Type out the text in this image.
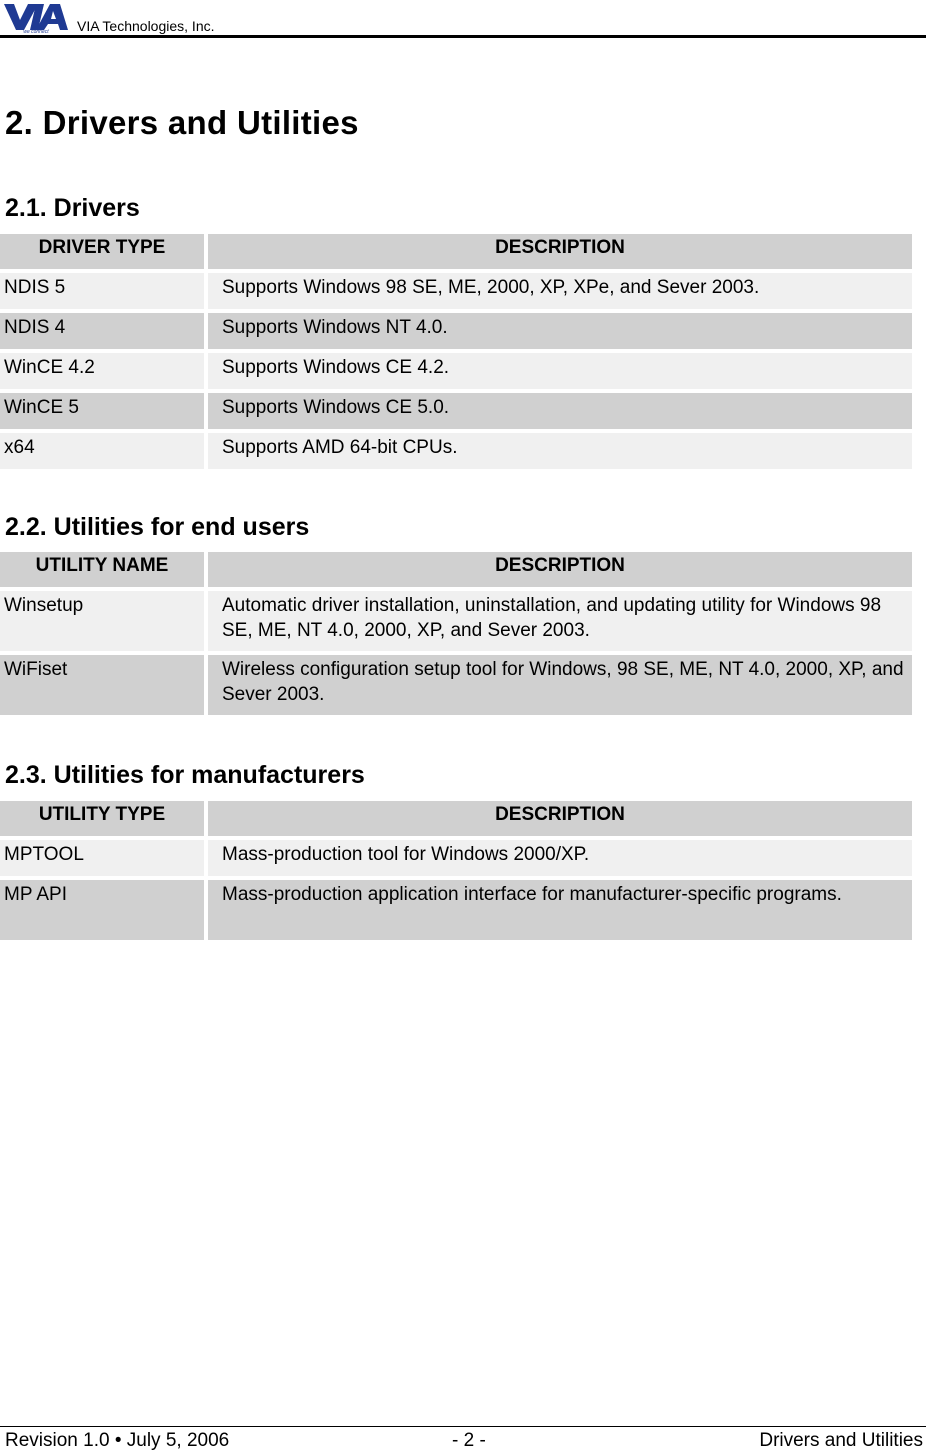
we connect VIA Technologies, Inc.
2. Drivers and Utilities
2.1. Drivers
DRIVER TYPE	DESCRIPTION
NDIS 5	Supports Windows 98 SE, ME, 2000, XP, XPe, and Sever 2003.
NDIS 4	Supports Windows NT 4.0.
WinCE 4.2	Supports Windows CE 4.2.
WinCE 5	Supports Windows CE 5.0.
x64	Supports AMD 64-bit CPUs.
2.2. Utilities for end users
UTILITY NAME	DESCRIPTION
Winsetup	Automatic driver installation, uninstallation, and updating utility for Windows 98 SE, ME, NT 4.0, 2000, XP, and Sever 2003.
WiFiset	Wireless configuration setup tool for Windows, 98 SE, ME, NT 4.0, 2000, XP, and Sever 2003.
2.3. Utilities for manufacturers
UTILITY TYPE	DESCRIPTION
MPTOOL	Mass-production tool for Windows 2000/XP.
MP API	Mass-production application interface for manufacturer-specific programs.
Revision 1.0 • July 5, 2006	- 2 -	Drivers and Utilities
